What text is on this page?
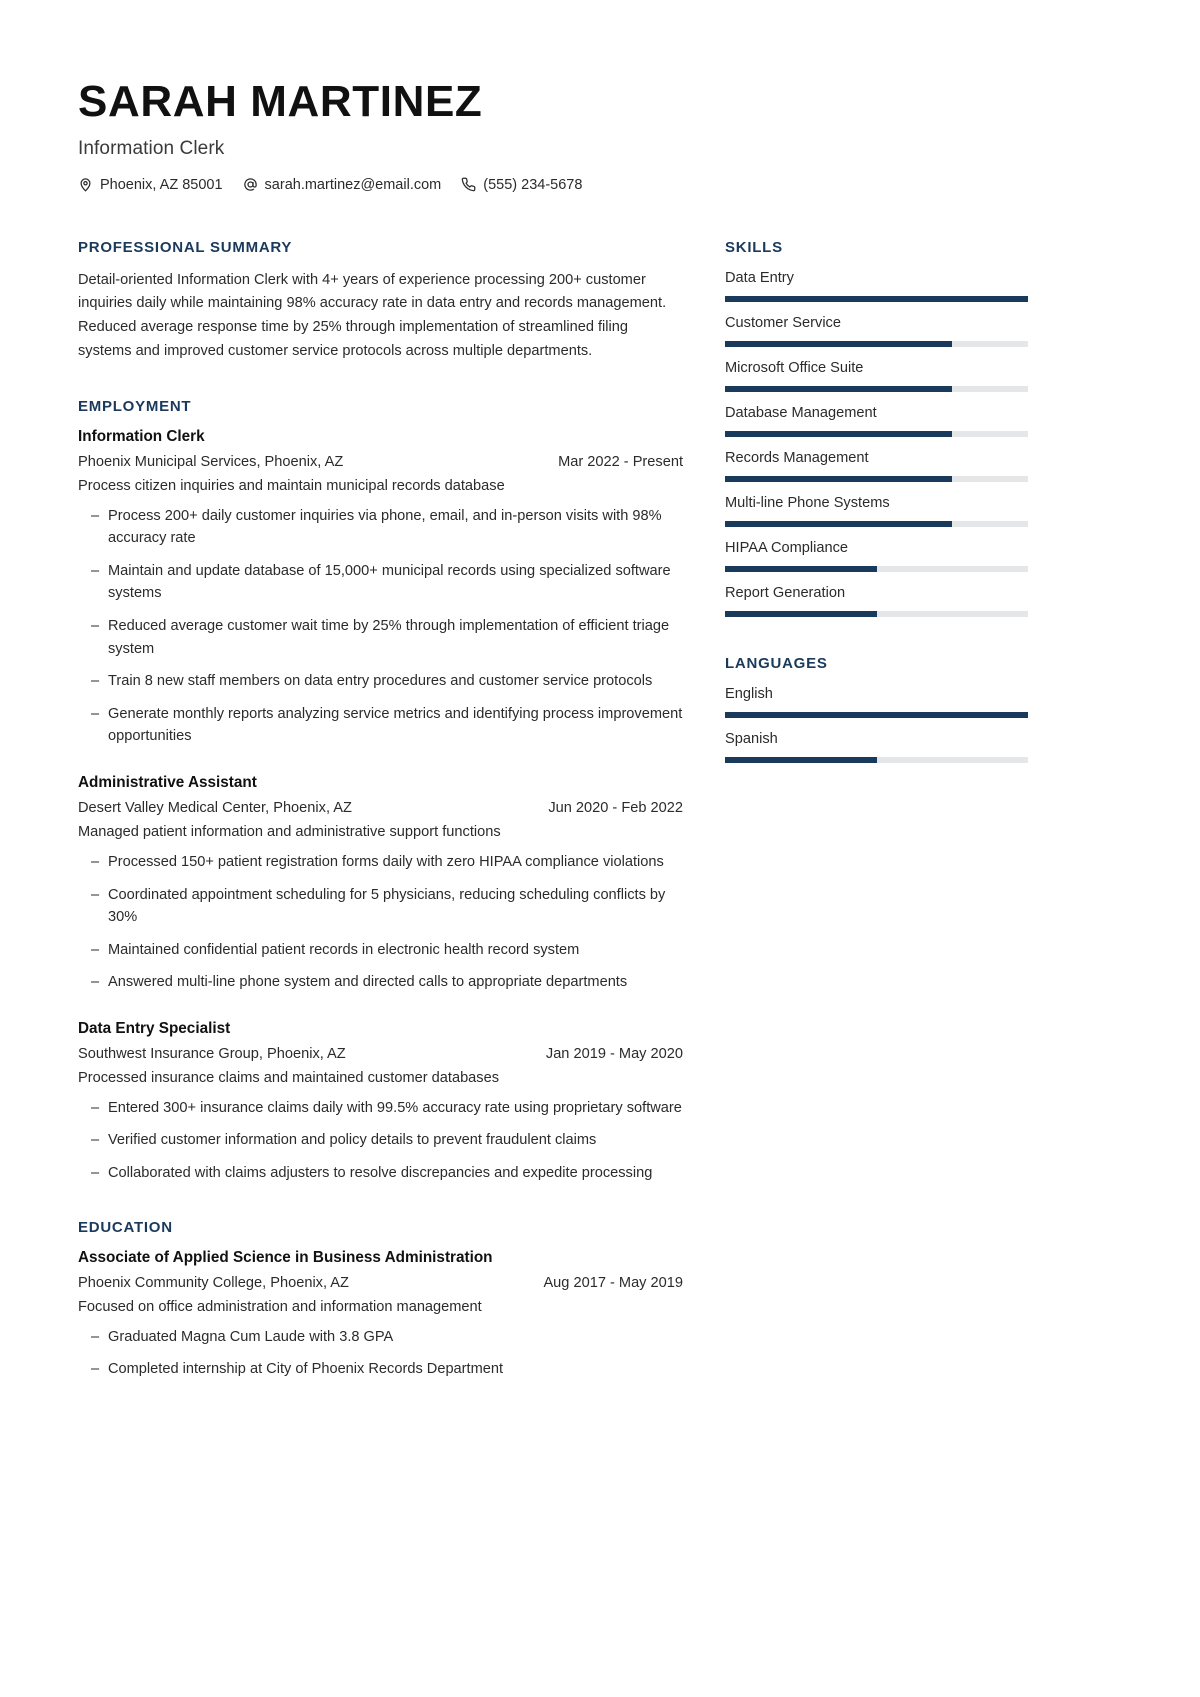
SARAH MARTINEZ
Information Clerk
Phoenix, AZ 85001	sarah.martinez@email.com	(555) 234-5678
PROFESSIONAL SUMMARY
Detail-oriented Information Clerk with 4+ years of experience processing 200+ customer inquiries daily while maintaining 98% accuracy rate in data entry and records management. Reduced average response time by 25% through implementation of streamlined filing systems and improved customer service protocols across multiple departments.
EMPLOYMENT
Information Clerk
Phoenix Municipal Services, Phoenix, AZ	Mar 2022 - Present
Process citizen inquiries and maintain municipal records database
– Process 200+ daily customer inquiries via phone, email, and in-person visits with 98% accuracy rate
– Maintain and update database of 15,000+ municipal records using specialized software systems
– Reduced average customer wait time by 25% through implementation of efficient triage system
– Train 8 new staff members on data entry procedures and customer service protocols
– Generate monthly reports analyzing service metrics and identifying process improvement opportunities
Administrative Assistant
Desert Valley Medical Center, Phoenix, AZ	Jun 2020 - Feb 2022
Managed patient information and administrative support functions
– Processed 150+ patient registration forms daily with zero HIPAA compliance violations
– Coordinated appointment scheduling for 5 physicians, reducing scheduling conflicts by 30%
– Maintained confidential patient records in electronic health record system
– Answered multi-line phone system and directed calls to appropriate departments
Data Entry Specialist
Southwest Insurance Group, Phoenix, AZ	Jan 2019 - May 2020
Processed insurance claims and maintained customer databases
– Entered 300+ insurance claims daily with 99.5% accuracy rate using proprietary software
– Verified customer information and policy details to prevent fraudulent claims
– Collaborated with claims adjusters to resolve discrepancies and expedite processing
EDUCATION
Associate of Applied Science in Business Administration
Phoenix Community College, Phoenix, AZ	Aug 2017 - May 2019
Focused on office administration and information management
– Graduated Magna Cum Laude with 3.8 GPA
– Completed internship at City of Phoenix Records Department
SKILLS
Data Entry
Customer Service
Microsoft Office Suite
Database Management
Records Management
Multi-line Phone Systems
HIPAA Compliance
Report Generation
LANGUAGES
English
Spanish
